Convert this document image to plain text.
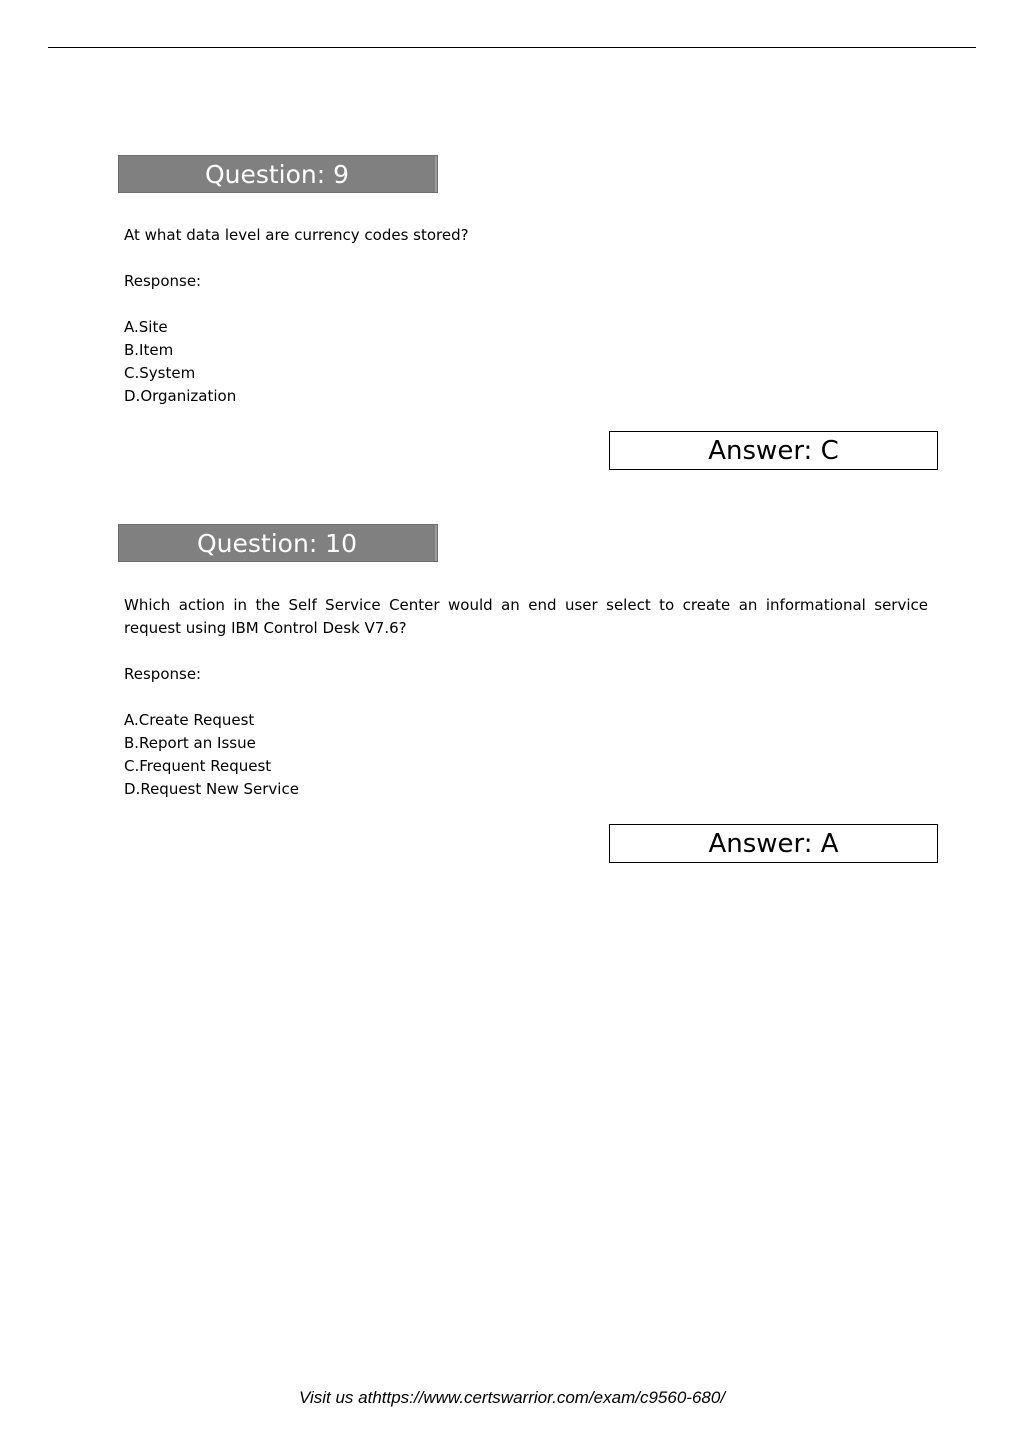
Question: 9
At what data level are currency codes stored?
Response:
A.Site
B.Item
C.System
D.Organization
Answer: C
Question: 10
Which action in the Self Service Center would an end user select to create an informational service request using IBM Control Desk V7.6?
Response:
A.Create Request
B.Report an Issue
C.Frequent Request
D.Request New Service
Answer: A
Visit us athttps://www.certswarrior.com/exam/c9560-680/
